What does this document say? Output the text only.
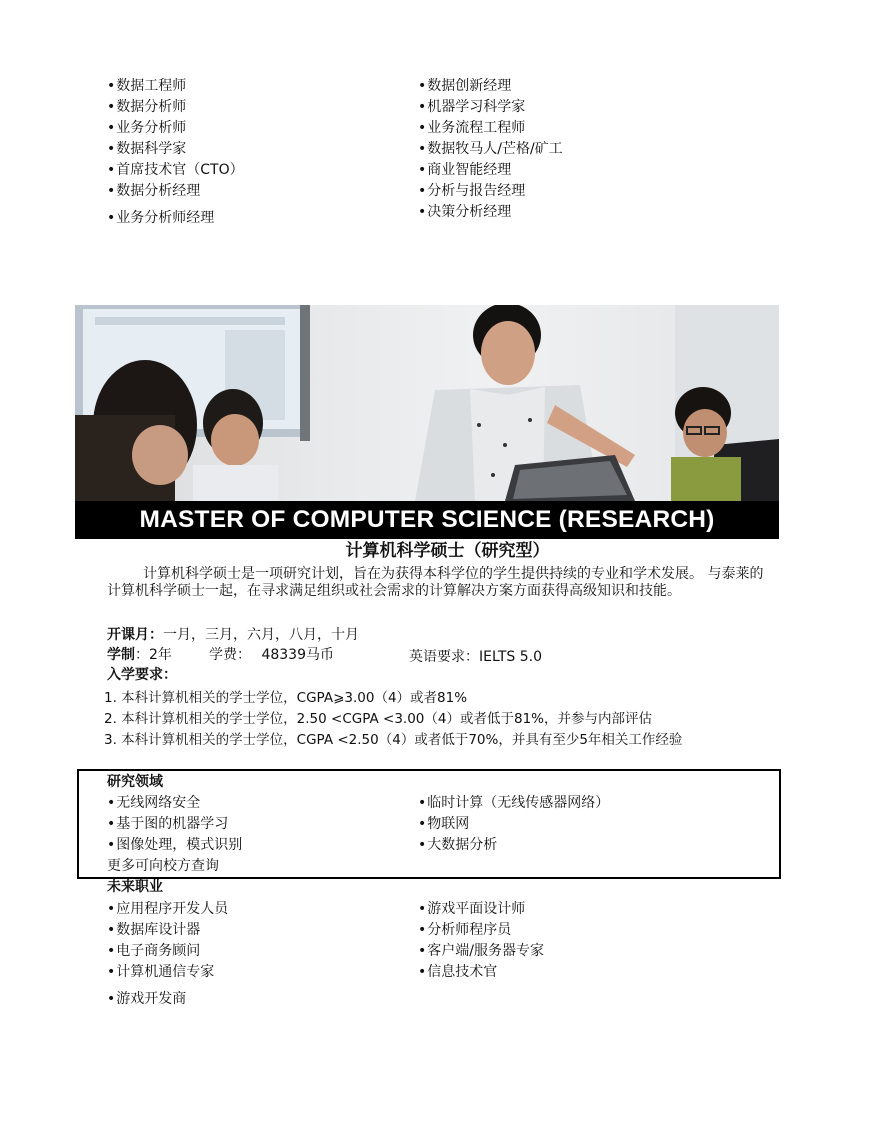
• 数据工程师
• 数据分析师
• 业务分析师
• 数据科学家
• 首席技术官（CTO）
• 数据分析经理
• 业务分析师经理
• 数据创新经理
• 机器学习科学家
• 业务流程工程师
• 数据牧马人/芒格/矿工
• 商业智能经理
• 分析与报告经理
• 决策分析经理
MASTER OF COMPUTER SCIENCE (RESEARCH)
计算机科学硕士（研究型）
计算机科学硕士是一项研究计划，旨在为获得本科学位的学生提供持续的专业和学术发展。 与泰莱的计算机科学硕士一起，在寻求满足组织或社会需求的计算解决方案方面获得高级知识和技能。
开课月：一月，三月，六月，八月，十月
学制：2年	学费： 48339马币	英语要求：IELTS 5.0
入学要求：
1. 本科计算机相关的学士学位，CGPA⩾3.00（4）或者81%
2. 本科计算机相关的学士学位，2.50 <CGPA <3.00（4）或者低于81%，并参与内部评估
3. 本科计算机相关的学士学位，CGPA <2.50（4）或者低于70%，并具有至少5年相关工作经验
研究领域
• 无线网络安全
• 基于图的机器学习
• 图像处理，模式识别
更多可向校方查询
• 临时计算（无线传感器网络）
• 物联网
• 大数据分析
未来职业
• 应用程序开发人员
• 数据库设计器
• 电子商务顾问
• 计算机通信专家
• 游戏开发商
• 游戏平面设计师
• 分析师程序员
• 客户端/服务器专家
• 信息技术官
